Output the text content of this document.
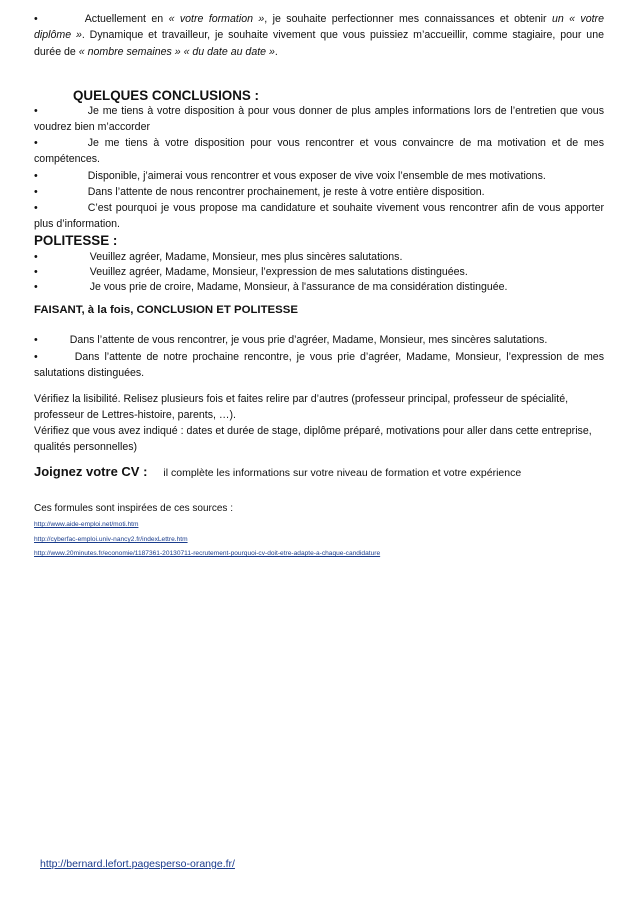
•	Actuellement en « votre formation », je souhaite perfectionner mes connaissances et obtenir un « votre diplôme ». Dynamique et travailleur, je souhaite vivement que vous puissiez m’accueillir, comme stagiaire, pour une durée de « nombre semaines » « du date au date ».

QUELQUES CONCLUSIONS :

•	Je me tiens à votre disposition à pour vous donner de plus amples informations lors de l’entretien que vous voudrez bien m’accorder

•	Je me tiens à votre disposition pour vous rencontrer et vous convaincre de ma motivation et de mes compétences.

•	Disponible, j’aimerai vous rencontrer et vous exposer de vive voix l’ensemble de mes motivations.

•	Dans l’attente de nous rencontrer prochainement, je reste à votre entière disposition.

•	C’est pourquoi je vous propose ma candidature et souhaite vivement vous rencontrer afin de vous apporter plus d’information.

POLITESSE :

•	Veuillez agréer, Madame, Monsieur, mes plus sincères salutations.

•	Veuillez agréer, Madame, Monsieur, l’expression de mes salutations distinguées.

•	Je vous prie de croire, Madame, Monsieur, à l'assurance de ma considération distinguée.

FAISANT, à la fois, CONCLUSION ET POLITESSE

•	Dans l’attente de vous rencontrer, je vous prie d’agréer, Madame, Monsieur, mes sincères salutations.

•	Dans l’attente de notre prochaine rencontre, je vous prie d’agréer, Madame, Monsieur, l’expression de mes salutations distinguées.

Vérifiez la lisibilité. Relisez plusieurs fois et faites relire par d’autres (professeur principal, professeur de spécialité, professeur de Lettres-histoire, parents, …).

Vérifiez que vous avez indiqué : dates et durée de stage, diplôme préparé, motivations pour aller dans cette entreprise, qualités personnelles)

Joignez votre CV : il complète les informations sur votre niveau de formation et votre expérience
Ces formules sont inspirées de ces sources :
http://www.aide-emploi.net/moti.htm
http://cyberfac-emploi.univ-nancy2.fr/indexLettre.htm
http://www.20minutes.fr/economie/1187361-20130711-recrutement-pourquoi-cv-doit-etre-adapte-a-chaque-candidature
http://bernard.lefort.pagesperso-orange.fr/
